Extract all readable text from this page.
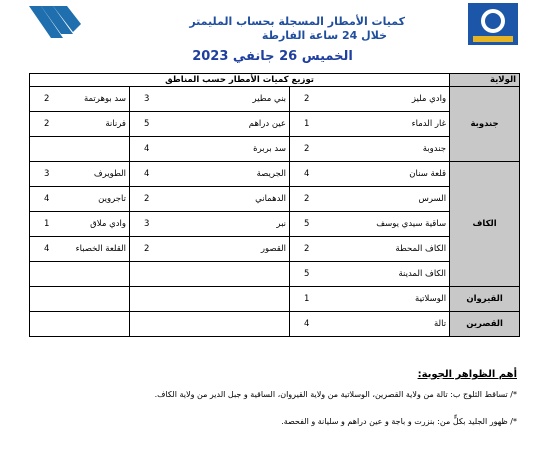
كميات الأمطار المسجلة بحساب المليمتر
خلال 24 ساعة الفارطة
الخميس 26 جانفي 2023
توزيع كميات الأمطار حسب المناطق						الولاية
2	سد بوهرتمة	3	بني مطير	2	وادي مليز	جندوبة
2	فرنانة	5	عين دراهم	1	غار الدماء	
		4	سد بربرة	2	جندوبة	
3	الطويرف	4	الجريصة	4	قلعة سنان	الكاف
4	تاجروين	2	الدهماني	2	السرس	
1	وادي ملاق	3	نبر	5	ساقية سيدي يوسف	
4	القلعة الخصباء	2	القصور	2	الكاف المحطة	
				5	الكاف المدينة	
				1	الوسلاتية	القيروان
				4	تالة	القصرين
أهم الظواهر الجوية:
*/ تساقط الثلوج ب: تالة من ولاية القصرين، الوسلاتية من ولاية القيروان، الساقية و جبل الدير من ولاية الكاف.
*/ ظهور الجليد بكلٍّ من: بنزرت و باجة و عين دراهم و سليانة و الفحصة.
